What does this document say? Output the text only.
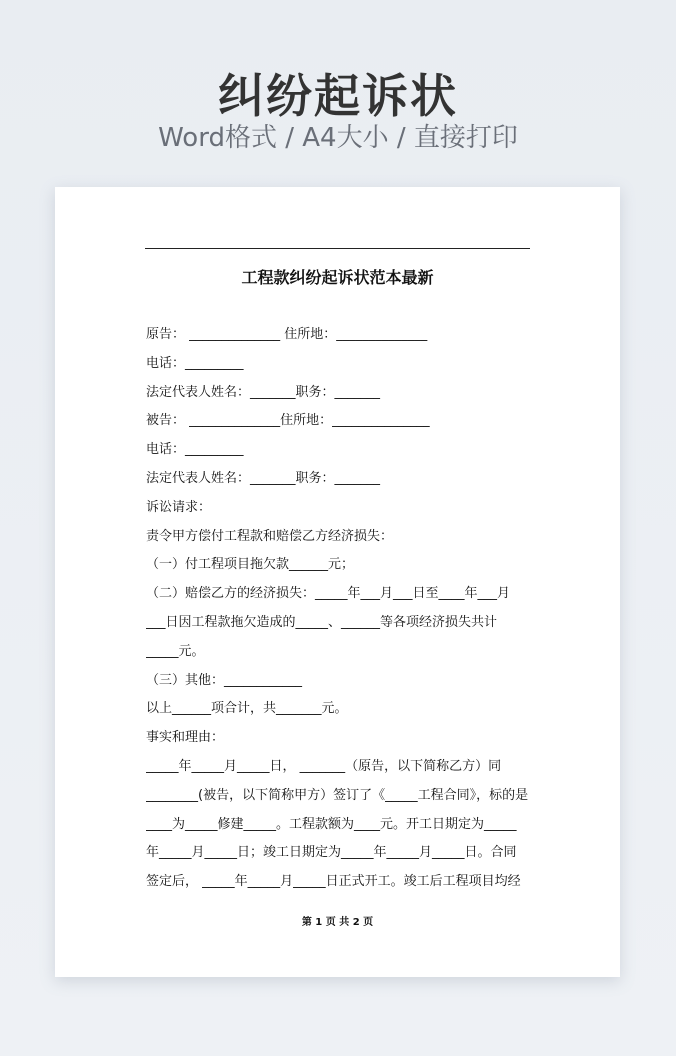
纠纷起诉状
Word格式 / A4大小 / 直接打印
工程款纠纷起诉状范本最新
原告： ______________ 住所地：______________
电话：_________
法定代表人姓名：_______职务：_______
被告： ______________住所地：_______________
电话：_________
法定代表人姓名：_______职务：_______
诉讼请求：
责令甲方偿付工程款和赔偿乙方经济损失：
（一）付工程项目拖欠款______元；
（二）赔偿乙方的经济损失：_____年___月___日至____年___月
___日因工程款拖欠造成的_____、______等各项经济损失共计
_____元。
（三）其他：____________
以上______项合计，共_______元。
事实和理由：
_____年_____月_____日， _______（原告，以下简称乙方）同
________(被告，以下简称甲方）签订了《_____工程合同》，标的是
____为_____修建_____。工程款额为____元。开工日期定为_____
年_____月_____日；竣工日期定为_____年_____月_____日。合同
签定后， _____年_____月_____日正式开工。竣工后工程项目均经
第 1 页 共 2 页
